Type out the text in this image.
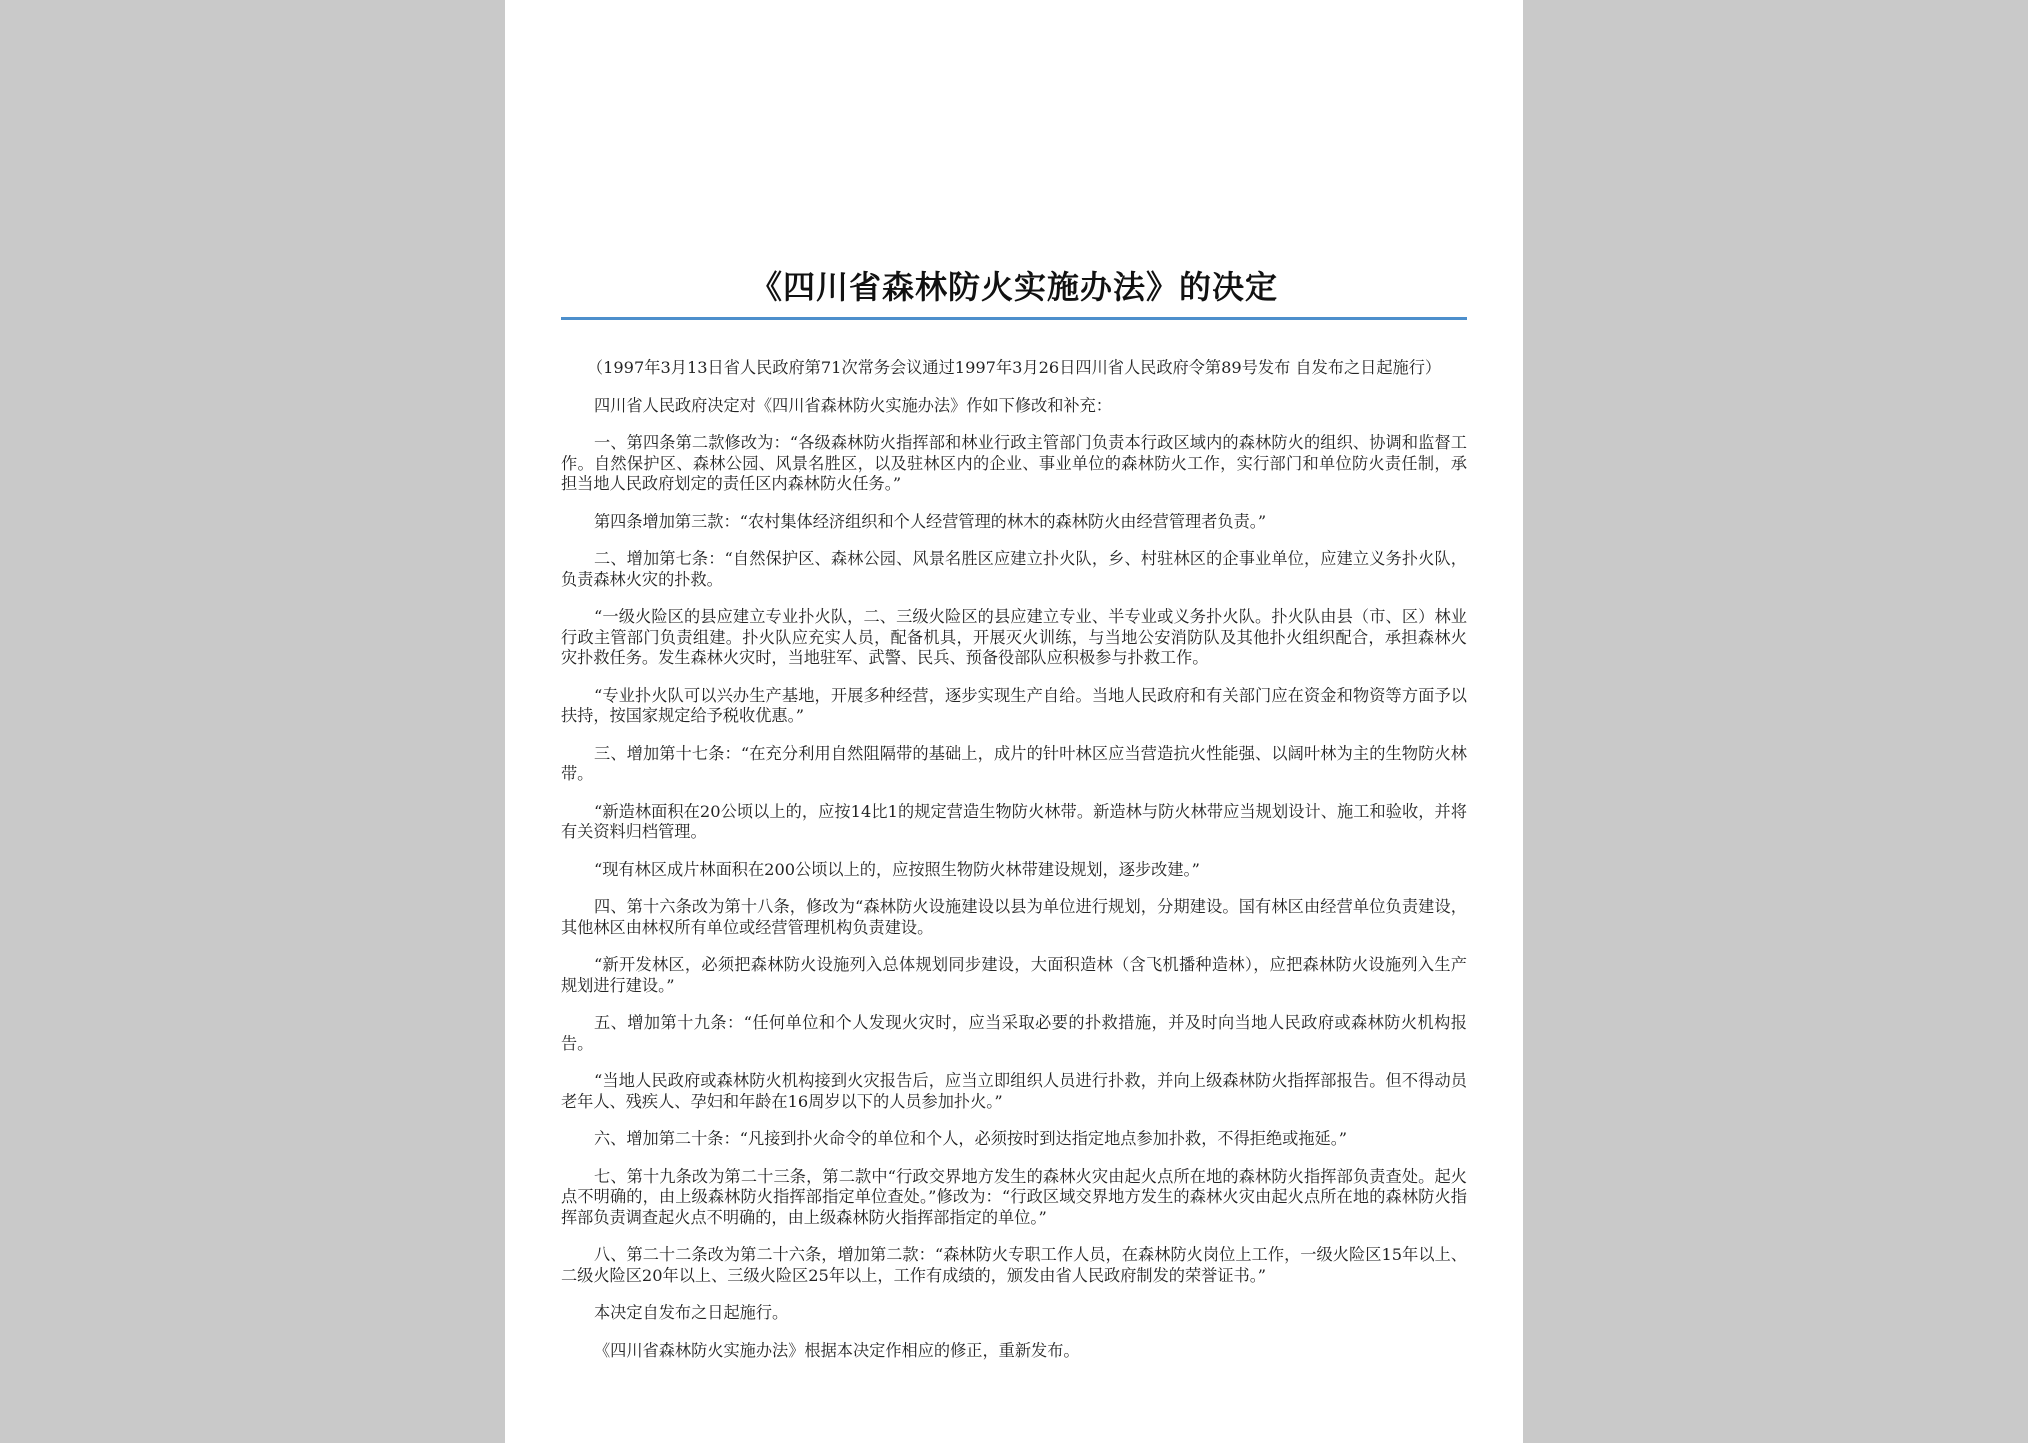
《四川省森林防火实施办法》的决定

（1997年3月13日省人民政府第71次常务会议通过1997年3月26日四川省人民政府令第89号发布 自发布之日起施行）

四川省人民政府决定对《四川省森林防火实施办法》作如下修改和补充：

一、第四条第二款修改为：“各级森林防火指挥部和林业行政主管部门负责本行政区域内的森林防火的组织、协调和监督工作。自然保护区、森林公园、风景名胜区，以及驻林区内的企业、事业单位的森林防火工作，实行部门和单位防火责任制，承担当地人民政府划定的责任区内森林防火任务。”

第四条增加第三款：“农村集体经济组织和个人经营管理的林木的森林防火由经营管理者负责。”

二、增加第七条：“自然保护区、森林公园、风景名胜区应建立扑火队，乡、村驻林区的企事业单位，应建立义务扑火队，负责森林火灾的扑救。

“一级火险区的县应建立专业扑火队，二、三级火险区的县应建立专业、半专业或义务扑火队。扑火队由县（市、区）林业行政主管部门负责组建。扑火队应充实人员，配备机具，开展灭火训练，与当地公安消防队及其他扑火组织配合，承担森林火灾扑救任务。发生森林火灾时，当地驻军、武警、民兵、预备役部队应积极参与扑救工作。

“专业扑火队可以兴办生产基地，开展多种经营，逐步实现生产自给。当地人民政府和有关部门应在资金和物资等方面予以扶持，按国家规定给予税收优惠。”

三、增加第十七条：“在充分利用自然阻隔带的基础上，成片的针叶林区应当营造抗火性能强、以阔叶林为主的生物防火林带。

“新造林面积在20公顷以上的，应按14比1的规定营造生物防火林带。新造林与防火林带应当规划设计、施工和验收，并将有关资料归档管理。

“现有林区成片林面积在200公顷以上的，应按照生物防火林带建设规划，逐步改建。”

四、第十六条改为第十八条，修改为“森林防火设施建设以县为单位进行规划，分期建设。国有林区由经营单位负责建设，其他林区由林权所有单位或经营管理机构负责建设。

“新开发林区，必须把森林防火设施列入总体规划同步建设，大面积造林（含飞机播种造林），应把森林防火设施列入生产规划进行建设。”

五、增加第十九条：“任何单位和个人发现火灾时，应当采取必要的扑救措施，并及时向当地人民政府或森林防火机构报告。

“当地人民政府或森林防火机构接到火灾报告后，应当立即组织人员进行扑救，并向上级森林防火指挥部报告。但不得动员老年人、残疾人、孕妇和年龄在16周岁以下的人员参加扑火。”

六、增加第二十条：“凡接到扑火命令的单位和个人，必须按时到达指定地点参加扑救，不得拒绝或拖延。”

七、第十九条改为第二十三条，第二款中“行政交界地方发生的森林火灾由起火点所在地的森林防火指挥部负责查处。起火点不明确的，由上级森林防火指挥部指定单位查处。”修改为：“行政区域交界地方发生的森林火灾由起火点所在地的森林防火指挥部负责调查起火点不明确的，由上级森林防火指挥部指定的单位。”

八、第二十二条改为第二十六条，增加第二款：“森林防火专职工作人员，在森林防火岗位上工作，一级火险区15年以上、二级火险区20年以上、三级火险区25年以上，工作有成绩的，颁发由省人民政府制发的荣誉证书。”

本决定自发布之日起施行。

《四川省森林防火实施办法》根据本决定作相应的修正，重新发布。
